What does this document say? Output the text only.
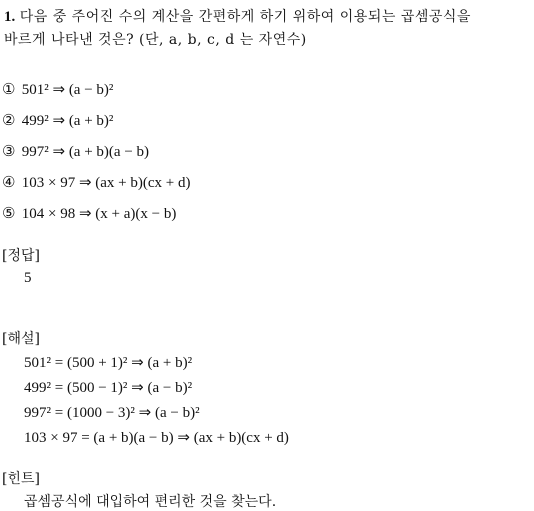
1. 다음 중 주어진 수의 계산을 간편하게 하기 위하여 이용되는 곱셈공식을
바르게 나타낸 것은? (단, a, b, c, d 는 자연수)
① 501² ⇒ (a − b)²
② 499² ⇒ (a + b)²
③ 997² ⇒ (a + b)(a − b)
④ 103 × 97 ⇒ (ax + b)(cx + d)
⑤ 104 × 98 ⇒ (x + a)(x − b)
[정답]
5
[해설]
501² = (500 + 1)² ⇒ (a + b)²
499² = (500 − 1)² ⇒ (a − b)²
997² = (1000 − 3)² ⇒ (a − b)²
103 × 97 = (a + b)(a − b) ⇒ (ax + b)(cx + d)
[힌트]
곱셈공식에 대입하여 편리한 것을 찾는다.
